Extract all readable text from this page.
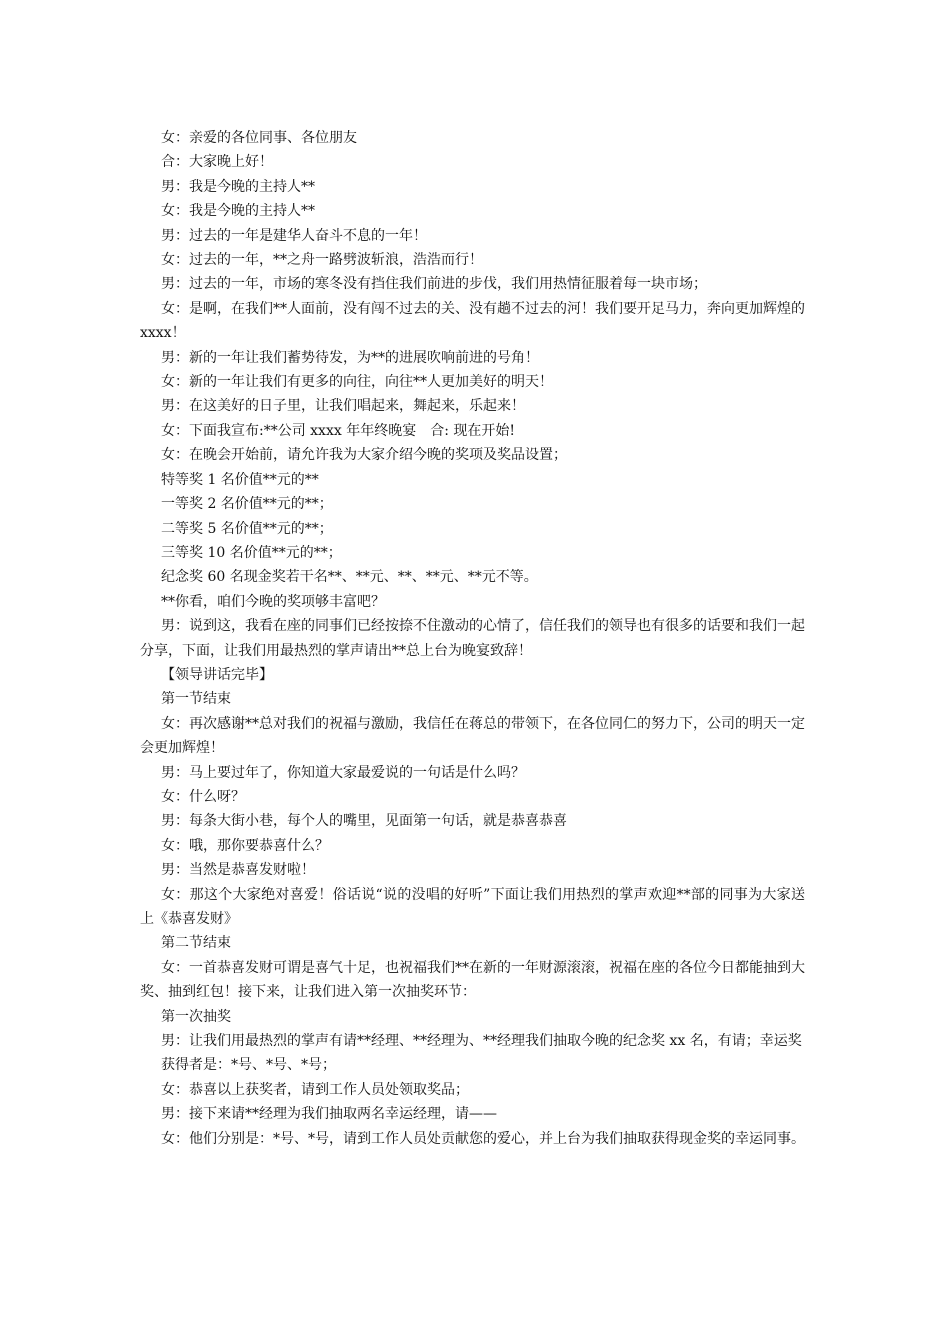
女：亲爱的各位同事、各位朋友

合：大家晚上好！

男：我是今晚的主持人**

女：我是今晚的主持人**

男：过去的一年是建华人奋斗不息的一年！

女：过去的一年，**之舟一路劈波斩浪，浩浩而行！

男：过去的一年，市场的寒冬没有挡住我们前进的步伐，我们用热情征服着每一块市场；

女：是啊，在我们**人面前，没有闯不过去的关、没有趟不过去的河！我们要开足马力，奔向更加辉煌的 xxxx！

男：新的一年让我们蓄势待发，为**的进展吹响前进的号角！

女：新的一年让我们有更多的向往，向往**人更加美好的明天！

男：在这美好的日子里，让我们唱起来，舞起来，乐起来！

女：下面我宣布:**公司 xxxx 年年终晚宴　合: 现在开始!

女：在晚会开始前，请允许我为大家介绍今晚的奖项及奖品设置；

特等奖 1 名价值**元的**

一等奖 2 名价值**元的**；

二等奖 5 名价值**元的**；

三等奖 10 名价值**元的**；

纪念奖 60 名现金奖若干名**、**元、**、**元、**元不等。

**你看，咱们今晚的奖项够丰富吧？

男：说到这，我看在座的同事们已经按捺不住激动的心情了，信任我们的领导也有很多的话要和我们一起分享，下面，让我们用最热烈的掌声请出**总上台为晚宴致辞！

【领导讲话完毕】

第一节结束

女：再次感谢**总对我们的祝福与激励，我信任在蒋总的带领下，在各位同仁的努力下，公司的明天一定会更加辉煌！

男：马上要过年了，你知道大家最爱说的一句话是什么吗？

女：什么呀？

男：每条大街小巷，每个人的嘴里，见面第一句话，就是恭喜恭喜

女：哦，那你要恭喜什么？

男：当然是恭喜发财啦！

女：那这个大家绝对喜爱！俗话说“说的没唱的好听”下面让我们用热烈的掌声欢迎**部的同事为大家送上《恭喜发财》

第二节结束

女：一首恭喜发财可谓是喜气十足，也祝福我们**在新的一年财源滚滚，祝福在座的各位今日都能抽到大奖、抽到红包！接下来，让我们进入第一次抽奖环节：

第一次抽奖

男：让我们用最热烈的掌声有请**经理、**经理为、**经理我们抽取今晚的纪念奖 xx 名，有请；幸运奖

获得者是：*号、*号、*号；

女：恭喜以上获奖者，请到工作人员处领取奖品；

男：接下来请**经理为我们抽取两名幸运经理，请——

女：他们分别是：*号、*号，请到工作人员处贡献您的爱心，并上台为我们抽取获得现金奖的幸运同事。
